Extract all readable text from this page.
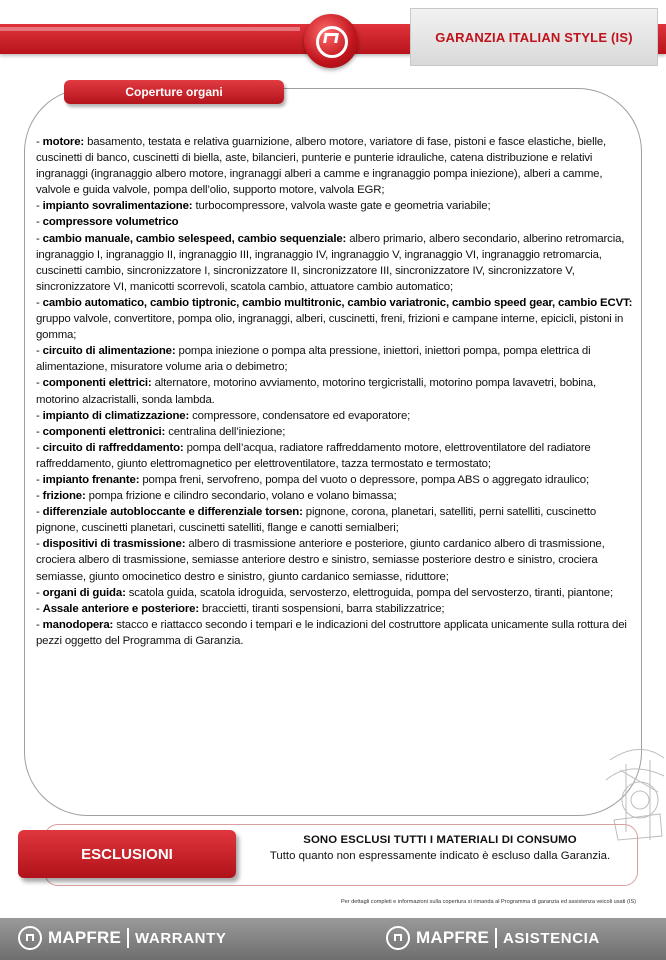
GARANZIA ITALIAN STYLE (IS)
Coperture organi

- motore: basamento, testata e relativa guarnizione, albero motore, variatore di fase, pistoni e fasce elastiche, bielle, cuscinetti di banco, cuscinetti di biella, aste, bilancieri, punterie e punterie idrauliche, catena distribuzione e relativi ingranaggi (ingranaggio albero motore, ingranaggi alberi a camme e ingranaggio pompa iniezione), alberi a camme, valvole e guida valvole, pompa dell’olio, supporto motore, valvola EGR;

- impianto sovralimentazione: turbocompressore, valvola waste gate e geometria variabile;

- compressore volumetrico

- cambio manuale, cambio selespeed, cambio sequenziale: albero primario, albero secondario, alberino retromarcia, ingranaggio I, ingranaggio II, ingranaggio III, ingranaggio IV, ingranaggio V, ingranaggio VI, ingranaggio retromarcia, cuscinetti cambio, sincronizzatore I, sincronizzatore II, sincronizzatore III, sincronizzatore IV, sincronizzatore V, sincronizzatore VI, manicotti scorrevoli, scatola cambio, attuatore cambio automatico;

- cambio automatico, cambio tiptronic, cambio multitronic, cambio variatronic, cambio speed gear, cambio ECVT: gruppo valvole, convertitore, pompa olio, ingranaggi, alberi, cuscinetti, freni, frizioni e campane interne, epicicli, pistoni in gomma;

- circuito di alimentazione: pompa iniezione o pompa alta pressione, iniettori, iniettori pompa, pompa elettrica di alimentazione, misuratore volume aria o debimetro;

- componenti elettrici: alternatore, motorino avviamento, motorino tergicristalli, motorino pompa lavavetri, bobina, motorino alzacristalli, sonda lambda.

- impianto di climatizzazione: compressore, condensatore ed evaporatore;

- componenti elettronici: centralina dell’iniezione;

- circuito di raffreddamento: pompa dell’acqua, radiatore raffreddamento motore, elettroventilatore del radiatore raffreddamento, giunto elettromagnetico per elettroventilatore, tazza termostato e termostato;

- impianto frenante: pompa freni, servofreno, pompa del vuoto o depressore, pompa ABS o aggregato idraulico;

- frizione: pompa frizione e cilindro secondario, volano e volano bimassa;

- differenziale autobloccante e differenziale torsen: pignone, corona, planetari, satelliti, perni satelliti, cuscinetto pignone, cuscinetti planetari, cuscinetti satelliti, flange e canotti semialberi;

- dispositivi di trasmissione: albero di trasmissione anteriore e posteriore, giunto cardanico albero di trasmissione, crociera albero di trasmissione, semiasse anteriore destro e sinistro, semiasse posteriore destro e sinistro, crociera semiasse, giunto omocinetico destro e sinistro, giunto cardanico semiasse, riduttore;

- organi di guida: scatola guida, scatola idroguida, servosterzo, elettroguida, pompa del servosterzo, tiranti, piantone;

- Assale anteriore e posteriore: braccietti, tiranti sospensioni, barra stabilizzatrice;

- manodopera: stacco e riattacco secondo i tempari e le indicazioni del costruttore applicata unicamente sulla rottura dei pezzi oggetto del Programma di Garanzia.

ESCLUSIONI
SONO ESCLUSI TUTTI I MATERIALI DI CONSUMO
Tutto quanto non espressamente indicato è escluso dalla Garanzia.
Per dettagli completi e informazioni sulla copertura si rimanda al Programma di garanzia ed assistenza veicoli usati (IS)
MAPFRE WARRANTY	MAPFRE ASISTENCIA
